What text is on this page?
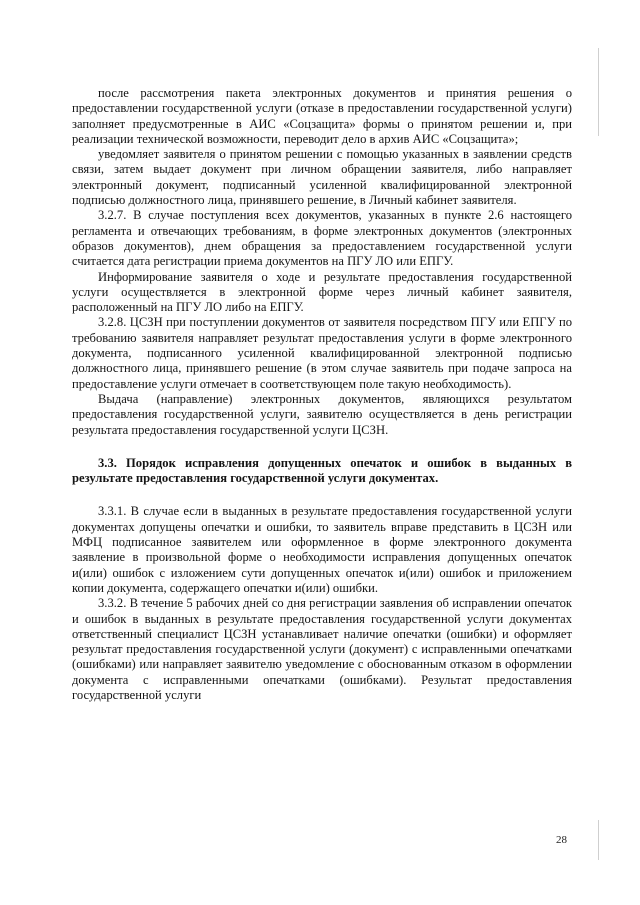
после рассмотрения пакета электронных документов и принятия решения о предоставлении государственной услуги (отказе в предоставлении государственной услуги) заполняет предусмотренные в АИС «Соцзащита» формы о принятом решении и, при реализации технической возможности, переводит дело в архив АИС «Соцзащита»;

уведомляет заявителя о принятом решении с помощью указанных в заявлении средств связи, затем выдает документ при личном обращении заявителя, либо направляет электронный документ, подписанный усиленной квалифицированной электронной подписью должностного лица, принявшего решение, в Личный кабинет заявителя.

3.2.7. В случае поступления всех документов, указанных в пункте 2.6 настоящего регламента и отвечающих требованиям, в форме электронных документов (электронных образов документов), днем обращения за предоставлением государственной услуги считается дата регистрации приема документов на ПГУ ЛО или ЕПГУ.

Информирование заявителя о ходе и результате предоставления государственной услуги осуществляется в электронной форме через личный кабинет заявителя, расположенный на ПГУ ЛО либо на ЕПГУ.

3.2.8. ЦСЗН при поступлении документов от заявителя посредством ПГУ или ЕПГУ по требованию заявителя направляет результат предоставления услуги в форме электронного документа, подписанного усиленной квалифицированной электронной подписью должностного лица, принявшего решение (в этом случае заявитель при подаче запроса на предоставление услуги отмечает в соответствующем поле такую необходимость).

Выдача (направление) электронных документов, являющихся результатом предоставления государственной услуги, заявителю осуществляется в день регистрации результата предоставления государственной услуги ЦСЗН.

3.3. Порядок исправления допущенных опечаток и ошибок в выданных в результате предоставления государственной услуги документах.

3.3.1. В случае если в выданных в результате предоставления государственной услуги документах допущены опечатки и ошибки, то заявитель вправе представить в ЦСЗН или МФЦ подписанное заявителем или оформленное в форме электронного документа заявление в произвольной форме о необходимости исправления допущенных опечаток и(или) ошибок с изложением сути допущенных опечаток и(или) ошибок и приложением копии документа, содержащего опечатки и(или) ошибки.

3.3.2. В течение 5 рабочих дней со дня регистрации заявления об исправлении опечаток и ошибок в выданных в результате предоставления государственной услуги документах ответственный специалист ЦСЗН устанавливает наличие опечатки (ошибки) и оформляет результат предоставления государственной услуги (документ) с исправленными опечатками (ошибками) или направляет заявителю уведомление с обоснованным отказом в оформлении документа с исправленными опечатками (ошибками). Результат предоставления государственной услуги

28
